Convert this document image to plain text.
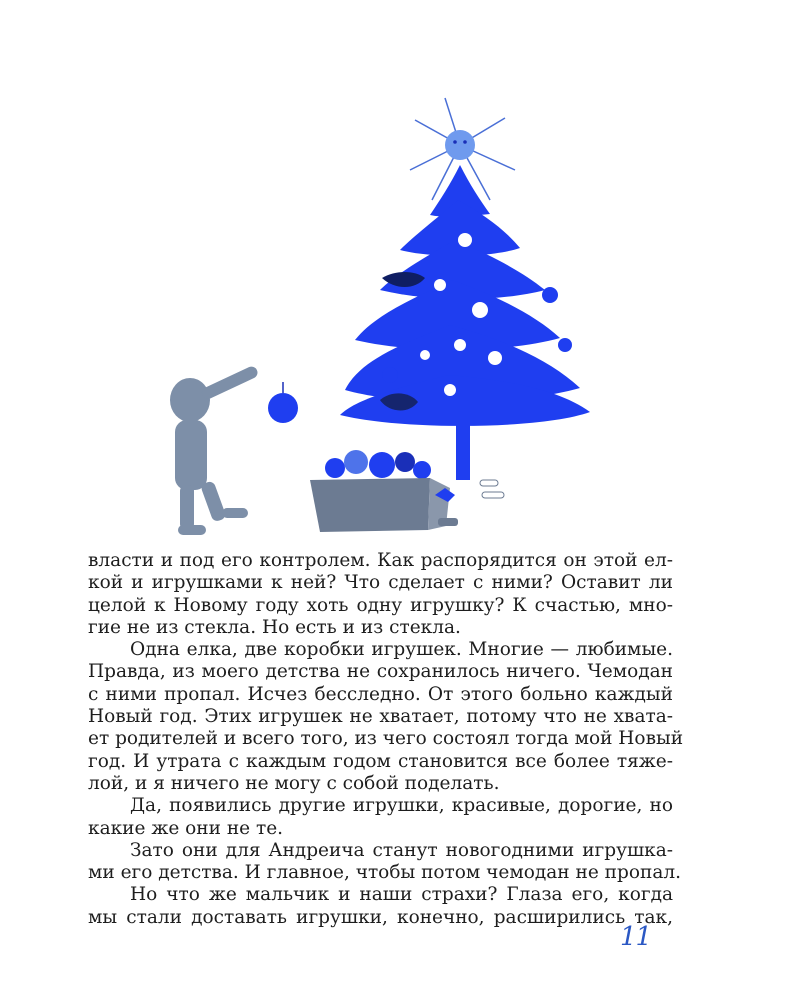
власти и под его контролем. Как распорядится он этой ел-
кой и игрушками к ней? Что сделает с ними? Оставит ли
целой к Новому году хоть одну игрушку? К счастью, мно-
гие не из стекла. Но есть и из стекла.
Одна елка, две коробки игрушек. Многие — любимые.
Правда, из моего детства не сохранилось ничего. Чемодан
с ними пропал. Исчез бесследно. От этого больно каждый
Новый год. Этих игрушек не хватает, потому что не хвата-
ет родителей и всего того, из чего состоял тогда мой Новый
год. И утрата с каждым годом становится все более тяже-
лой, и я ничего не могу с собой поделать.
Да, появились другие игрушки, красивые, дорогие, но
какие же они не те.
Зато они для Андреича станут новогодними игрушка-
ми его детства. И главное, чтобы потом чемодан не пропал.
Но что же мальчик и наши страхи? Глаза его, когда
мы стали доставать игрушки, конечно, расширились так,
11
